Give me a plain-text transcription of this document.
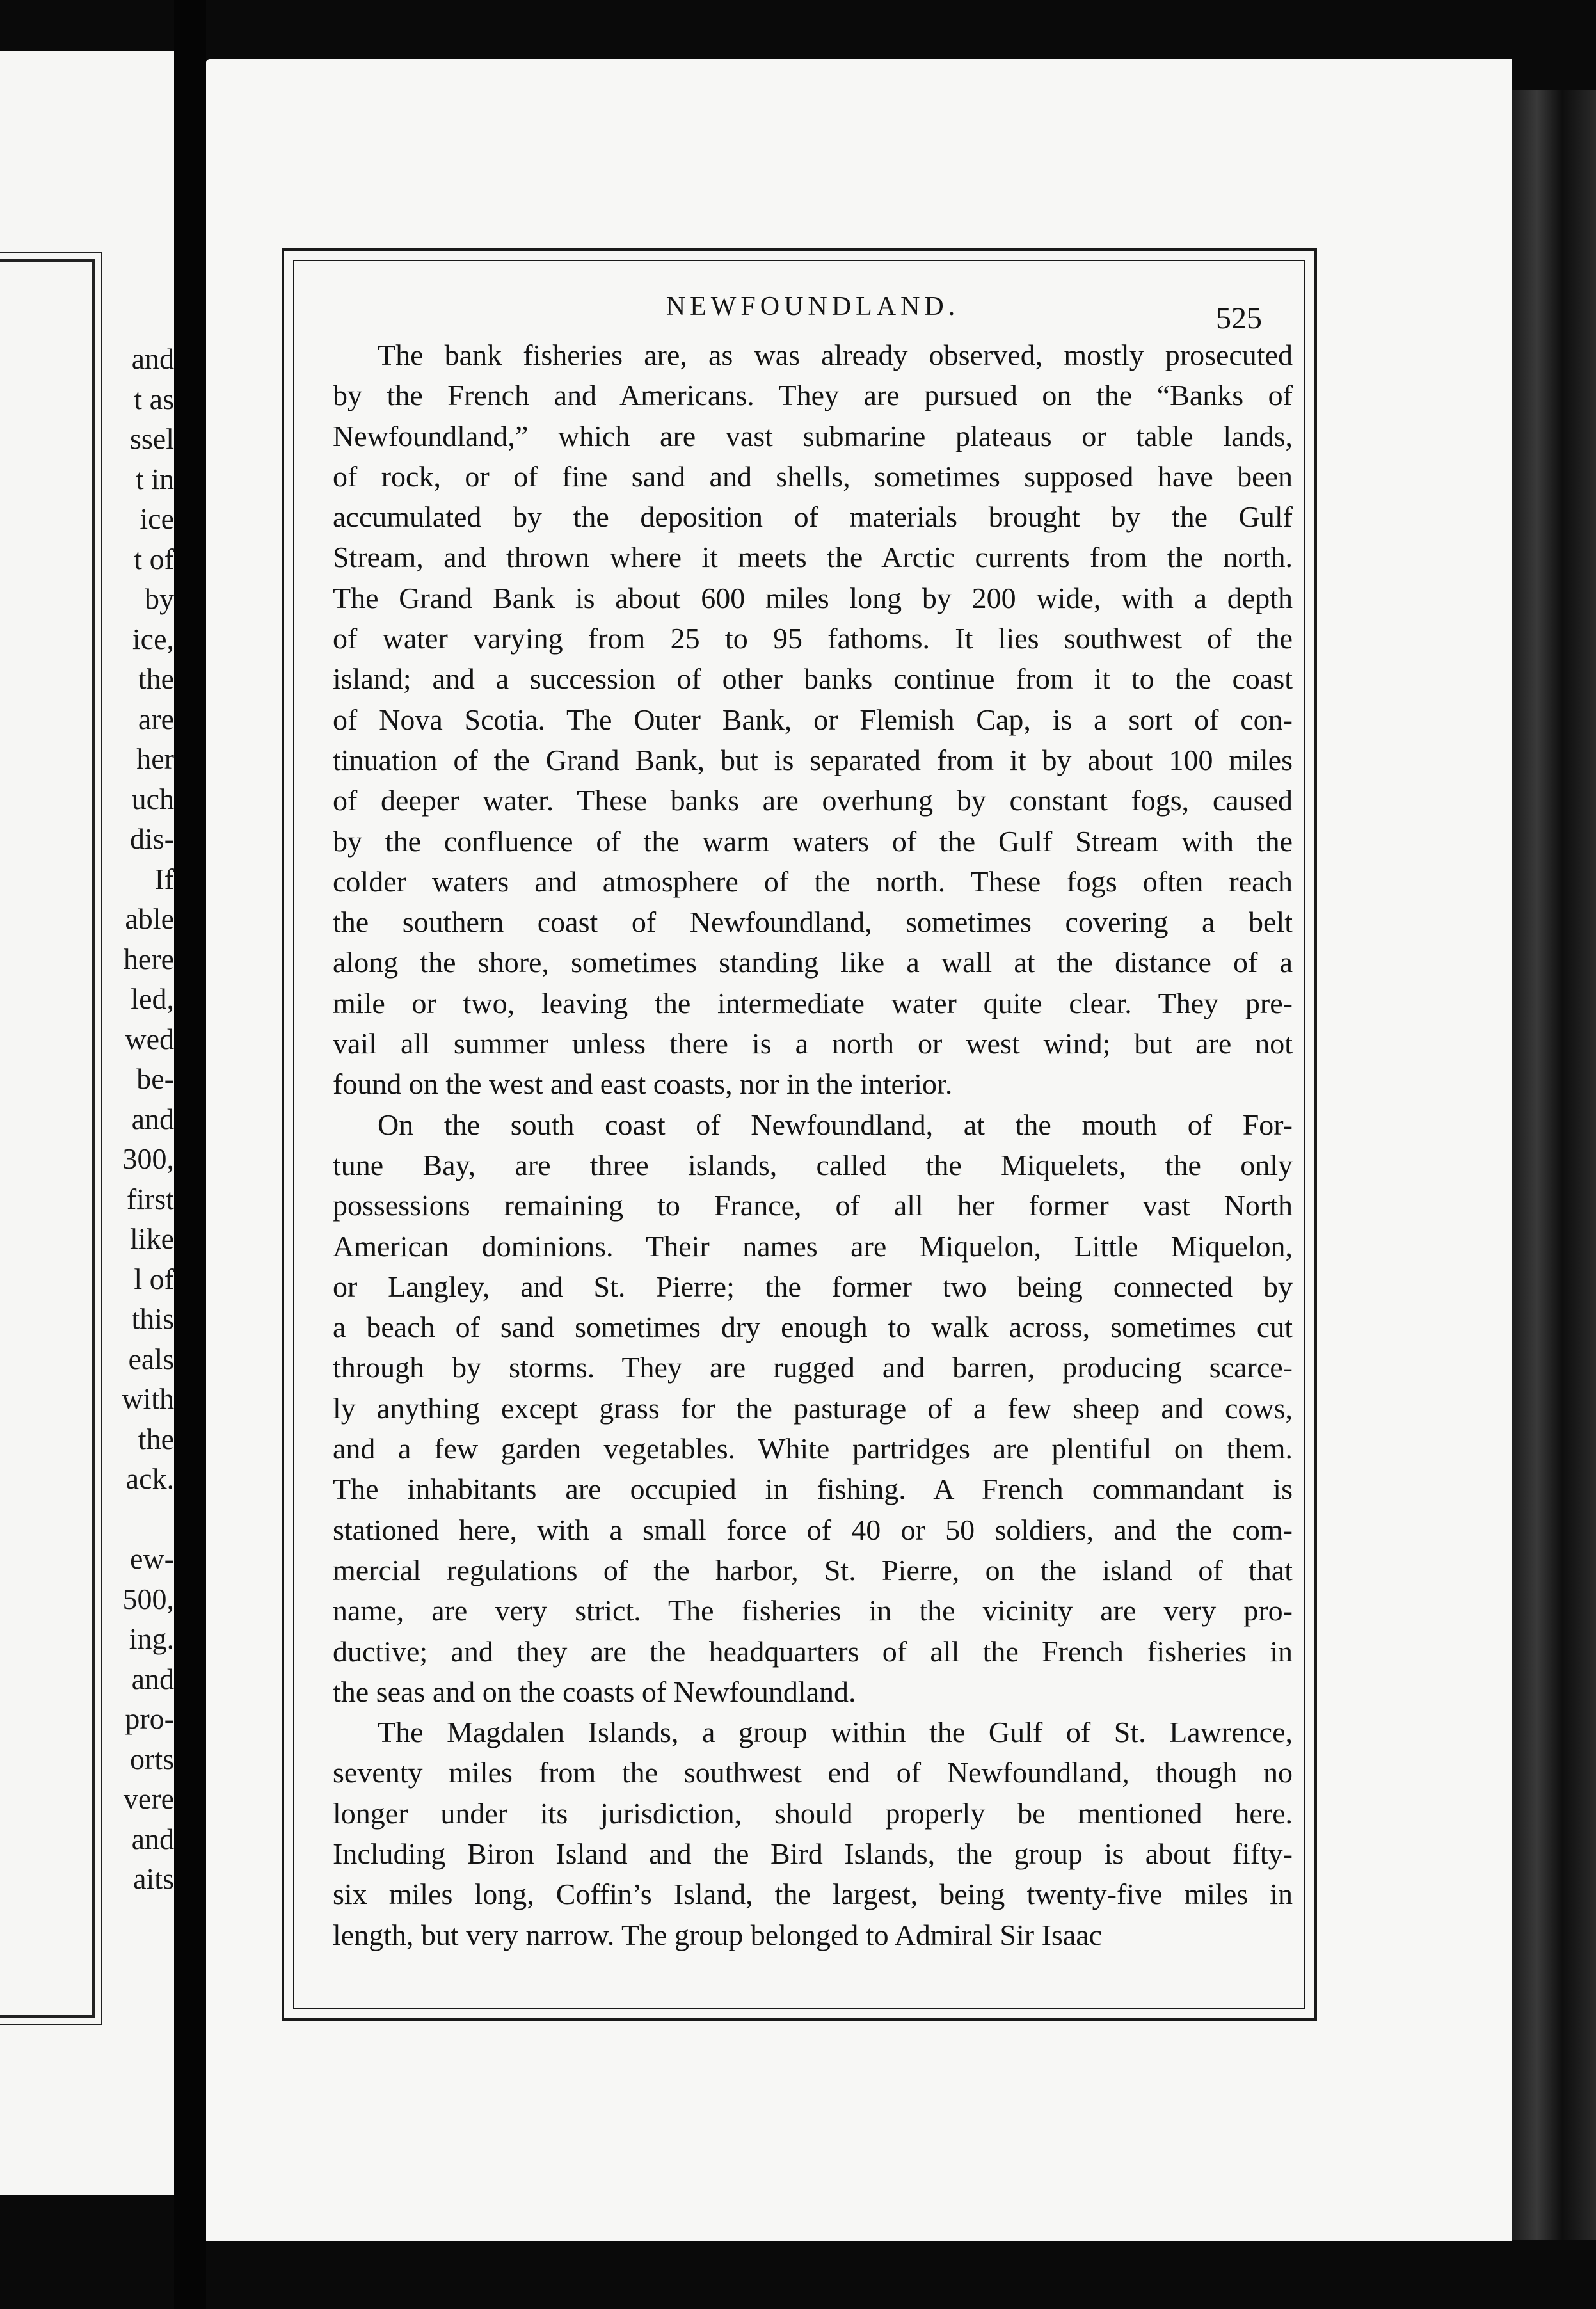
and
t as
ssel
t in
ice
t of
by
ice,
the
are
her
uch
dis-
If
able
here
led,
wed
be-
and
300,
first
like
l of
this
eals
with
the
ack.
ew-
500,
ing.
and
pro-
orts
vere
and
aits
NEWFOUNDLAND.	525
The bank fisheries are, as was already observed, mostly prosecuted
by the French and Americans. They are pursued on the “Banks of
Newfoundland,” which are vast submarine plateaus or table lands,
of rock, or of fine sand and shells, sometimes supposed have been
accumulated by the deposition of materials brought by the Gulf
Stream, and thrown where it meets the Arctic currents from the north.
The Grand Bank is about 600 miles long by 200 wide, with a depth
of water varying from 25 to 95 fathoms. It lies southwest of the
island; and a succession of other banks continue from it to the coast
of Nova Scotia. The Outer Bank, or Flemish Cap, is a sort of con-
tinuation of the Grand Bank, but is separated from it by about 100 miles
of deeper water. These banks are overhung by constant fogs, caused
by the confluence of the warm waters of the Gulf Stream with the
colder waters and atmosphere of the north. These fogs often reach
the southern coast of Newfoundland, sometimes covering a belt
along the shore, sometimes standing like a wall at the distance of a
mile or two, leaving the intermediate water quite clear. They pre-
vail all summer unless there is a north or west wind; but are not
found on the west and east coasts, nor in the interior.
On the south coast of Newfoundland, at the mouth of For-
tune Bay, are three islands, called the Miquelets, the only
possessions remaining to France, of all her former vast North
American dominions. Their names are Miquelon, Little Miquelon,
or Langley, and St. Pierre; the former two being connected by
a beach of sand sometimes dry enough to walk across, sometimes cut
through by storms. They are rugged and barren, producing scarce-
ly anything except grass for the pasturage of a few sheep and cows,
and a few garden vegetables. White partridges are plentiful on them.
The inhabitants are occupied in fishing. A French commandant is
stationed here, with a small force of 40 or 50 soldiers, and the com-
mercial regulations of the harbor, St. Pierre, on the island of that
name, are very strict. The fisheries in the vicinity are very pro-
ductive; and they are the headquarters of all the French fisheries in
the seas and on the coasts of Newfoundland.
The Magdalen Islands, a group within the Gulf of St. Lawrence,
seventy miles from the southwest end of Newfoundland, though no
longer under its jurisdiction, should properly be mentioned here.
Including Biron Island and the Bird Islands, the group is about fifty-
six miles long, Coffin’s Island, the largest, being twenty-five miles in
length, but very narrow. The group belonged to Admiral Sir Isaac
